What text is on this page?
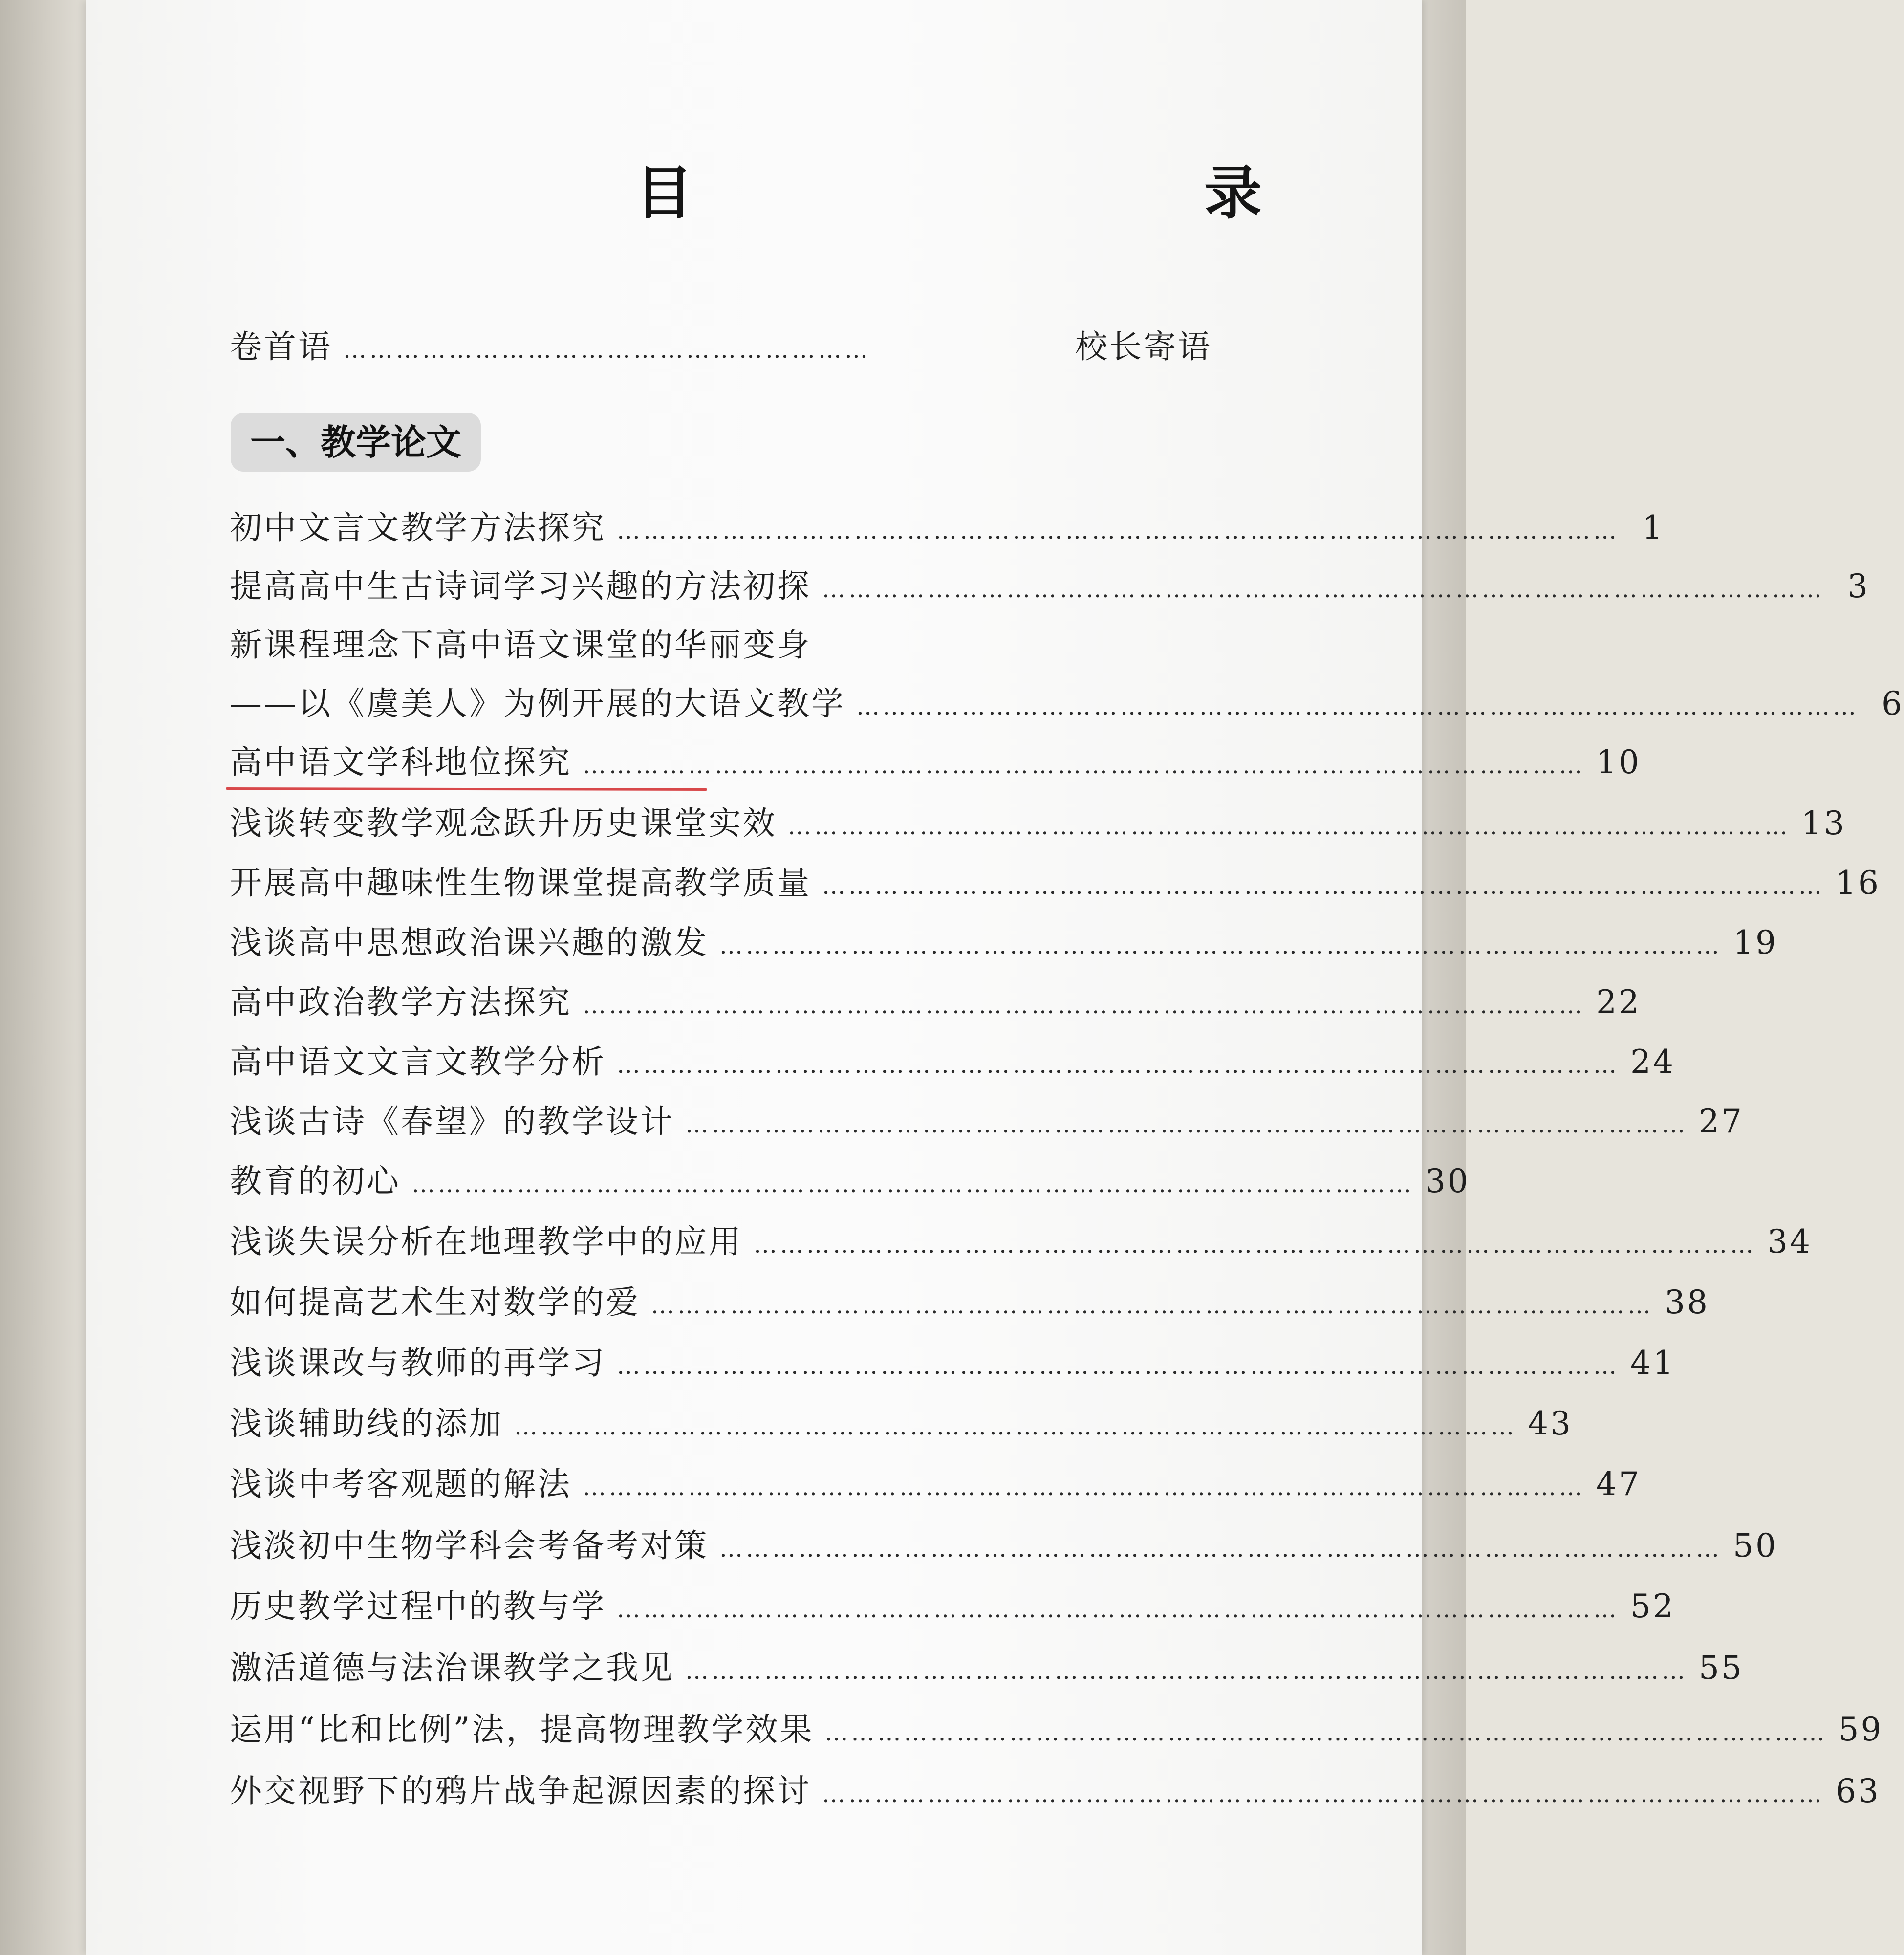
目　　录
卷首语 ……………………………………………………	校长寄语
一、教学论文
初中文言文教学方法探究 …………………………………………………………………………………………………… 1
提高高中生古诗词学习兴趣的方法初探 …………………………………………………………………………………………………… 3
新课程理念下高中语文课堂的华丽变身
——以《虞美人》为例开展的大语文教学 …………………………………………………………………………………………………… 6
高中语文学科地位探究 …………………………………………………………………………………………………… 10
浅谈转变教学观念跃升历史课堂实效 …………………………………………………………………………………………………… 13
开展高中趣味性生物课堂提高教学质量 …………………………………………………………………………………………………… 16
浅谈高中思想政治课兴趣的激发 …………………………………………………………………………………………………… 19
高中政治教学方法探究 …………………………………………………………………………………………………… 22
高中语文文言文教学分析 …………………………………………………………………………………………………… 24
浅谈古诗《春望》的教学设计 …………………………………………………………………………………………………… 27
教育的初心 …………………………………………………………………………………………………… 30
浅谈失误分析在地理教学中的应用 …………………………………………………………………………………………………… 34
如何提高艺术生对数学的爱 …………………………………………………………………………………………………… 38
浅谈课改与教师的再学习 …………………………………………………………………………………………………… 41
浅谈辅助线的添加 …………………………………………………………………………………………………… 43
浅谈中考客观题的解法 …………………………………………………………………………………………………… 47
浅淡初中生物学科会考备考对策 …………………………………………………………………………………………………… 50
历史教学过程中的教与学 …………………………………………………………………………………………………… 52
激活道德与法治课教学之我见 …………………………………………………………………………………………………… 55
运用“比和比例”法，提高物理教学效果 …………………………………………………………………………………………………… 59
外交视野下的鸦片战争起源因素的探讨 …………………………………………………………………………………………………… 63
